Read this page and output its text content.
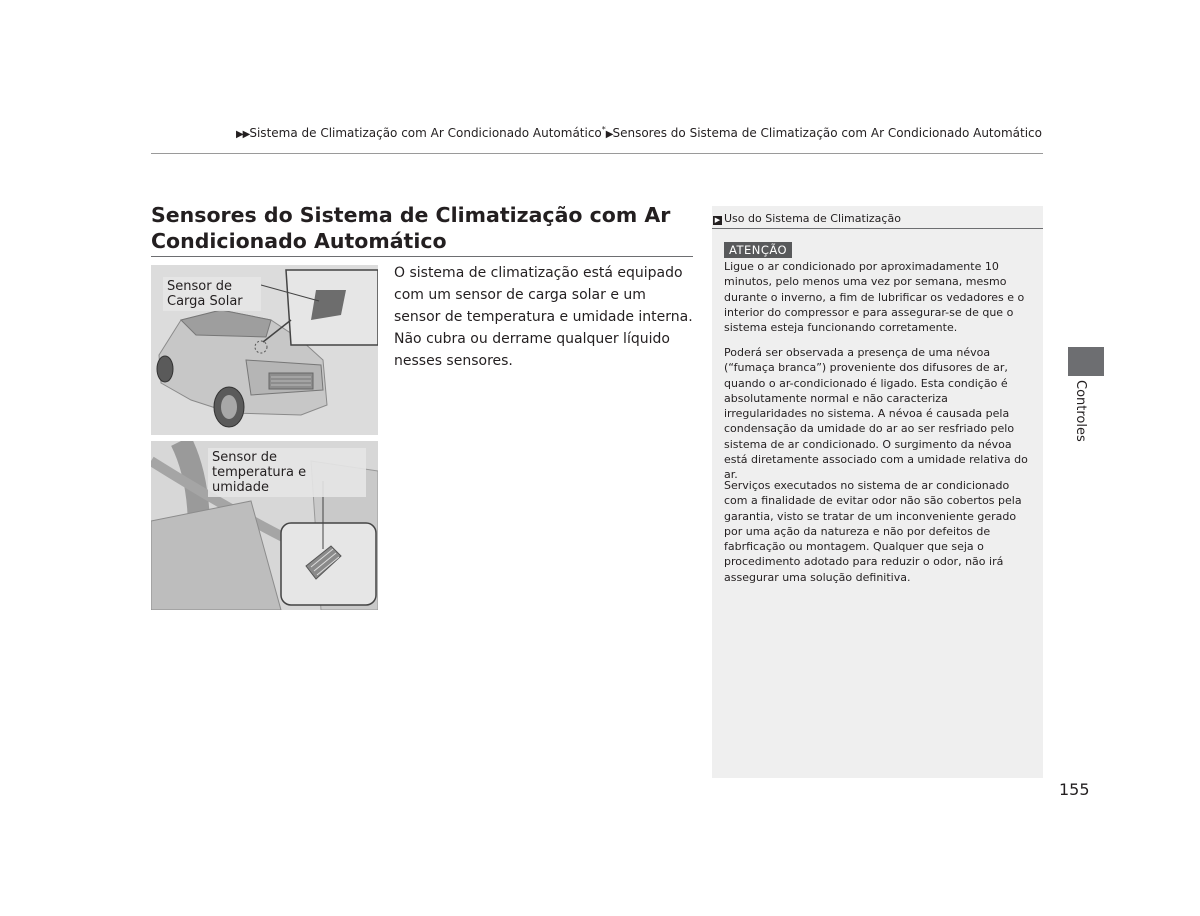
▶▶Sistema de Climatização com Ar Condicionado Automático*▶Sensores do Sistema de Climatização com Ar Condicionado Automático
Sensores do Sistema de Climatização com Ar Condicionado Automático
O sistema de climatização está equipado com um sensor de carga solar e um sensor de temperatura e umidade interna. Não cubra ou derrame qualquer líquido nesses sensores.
Sensor de Carga Solar
Sensor de temperatura e umidade
▶ Uso do Sistema de Climatização
ATENÇÃO
Ligue o ar condicionado por aproximadamente 10 minutos, pelo menos uma vez por semana, mesmo durante o inverno, a fim de lubrificar os vedadores e o interior do compressor e para assegurar-se de que o sistema esteja funcionando corretamente.
Poderá ser observada a presença de uma névoa (“fumaça branca”) proveniente dos difusores de ar, quando o ar-condicionado é ligado. Esta condição é absolutamente normal e não caracteriza irregularidades no sistema. A névoa é causada pela condensação da umidade do ar ao ser resfriado pelo sistema de ar condicionado. O surgimento da névoa está diretamente associado com a umidade relativa do ar.
Serviços executados no sistema de ar condicionado com a finalidade de evitar odor não são cobertos pela garantia, visto se tratar de um inconveniente gerado por uma ação da natureza e não por defeitos de fabrficação ou montagem. Qualquer que seja o procedimento adotado para reduzir o odor, não irá assegurar uma solução definitiva.
Controles
155
